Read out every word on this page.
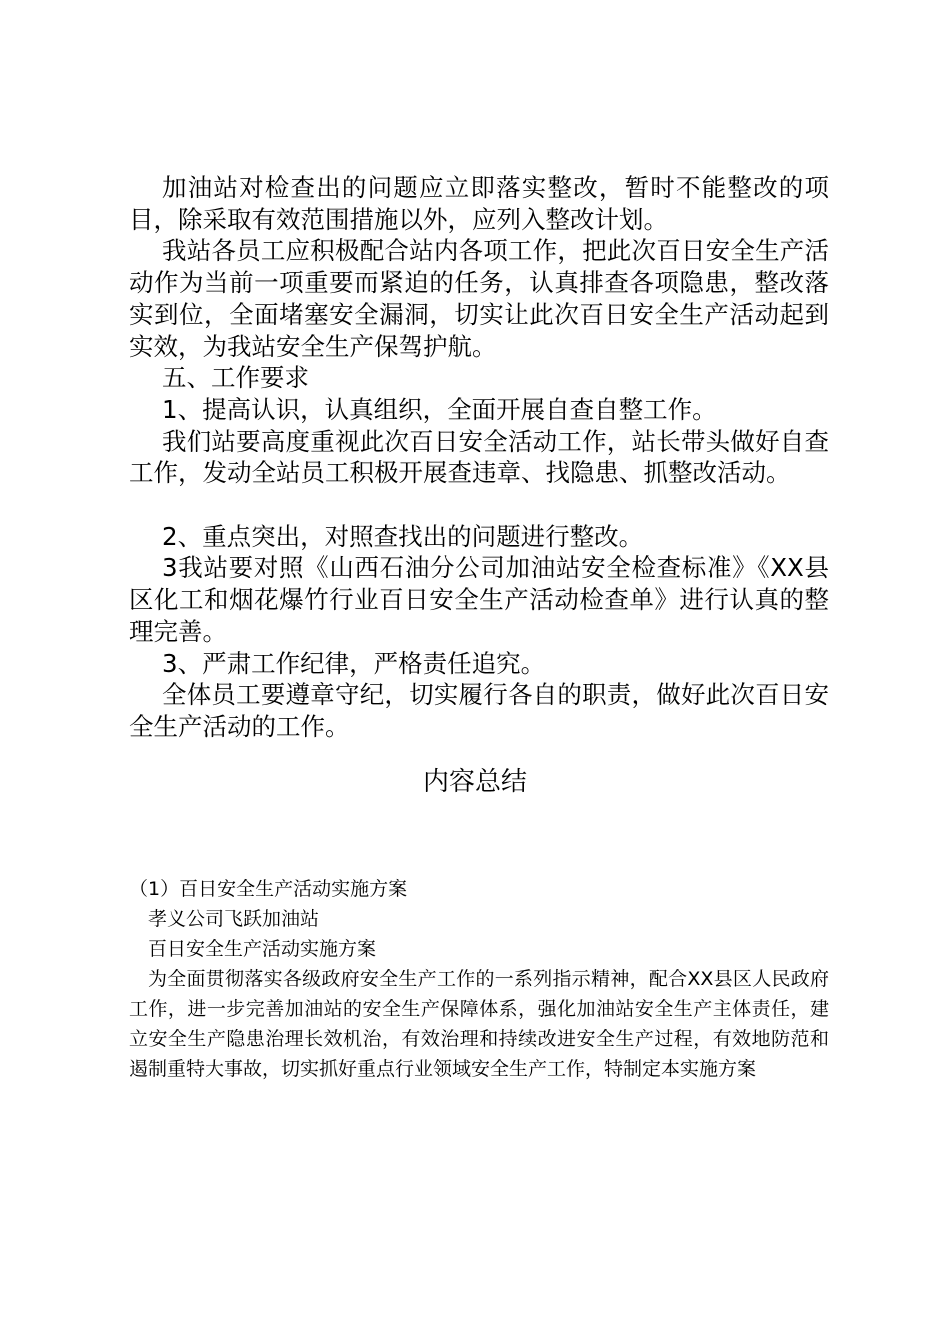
加油站对检查出的问题应立即落实整改，暂时不能整改的项目，除采取有效范围措施以外，应列入整改计划。

我站各员工应积极配合站内各项工作，把此次百日安全生产活动作为当前一项重要而紧迫的任务，认真排查各项隐患，整改落实到位，全面堵塞安全漏洞，切实让此次百日安全生产活动起到实效，为我站安全生产保驾护航。

五、工作要求

1、提高认识，认真组织，全面开展自查自整工作。

我们站要高度重视此次百日安全活动工作，站长带头做好自查工作，发动全站员工积极开展查违章、找隐患、抓整改活动。

2、重点突出，对照查找出的问题进行整改。

3我站要对照《山西石油分公司加油站安全检查标准》《XX县区化工和烟花爆竹行业百日安全生产活动检查单》进行认真的整理完善。

3、严肃工作纪律，严格责任追究。

全体员工要遵章守纪，切实履行各自的职责，做好此次百日安全生产活动的工作。

内容总结

（1）百日安全生产活动实施方案

孝义公司飞跃加油站

百日安全生产活动实施方案

为全面贯彻落实各级政府安全生产工作的一系列指示精神，配合XX县区人民政府工作，进一步完善加油站的安全生产保障体系，强化加油站安全生产主体责任，建立安全生产隐患治理长效机治，有效治理和持续改进安全生产过程，有效地防范和遏制重特大事故，切实抓好重点行业领域安全生产工作，特制定本实施方案
